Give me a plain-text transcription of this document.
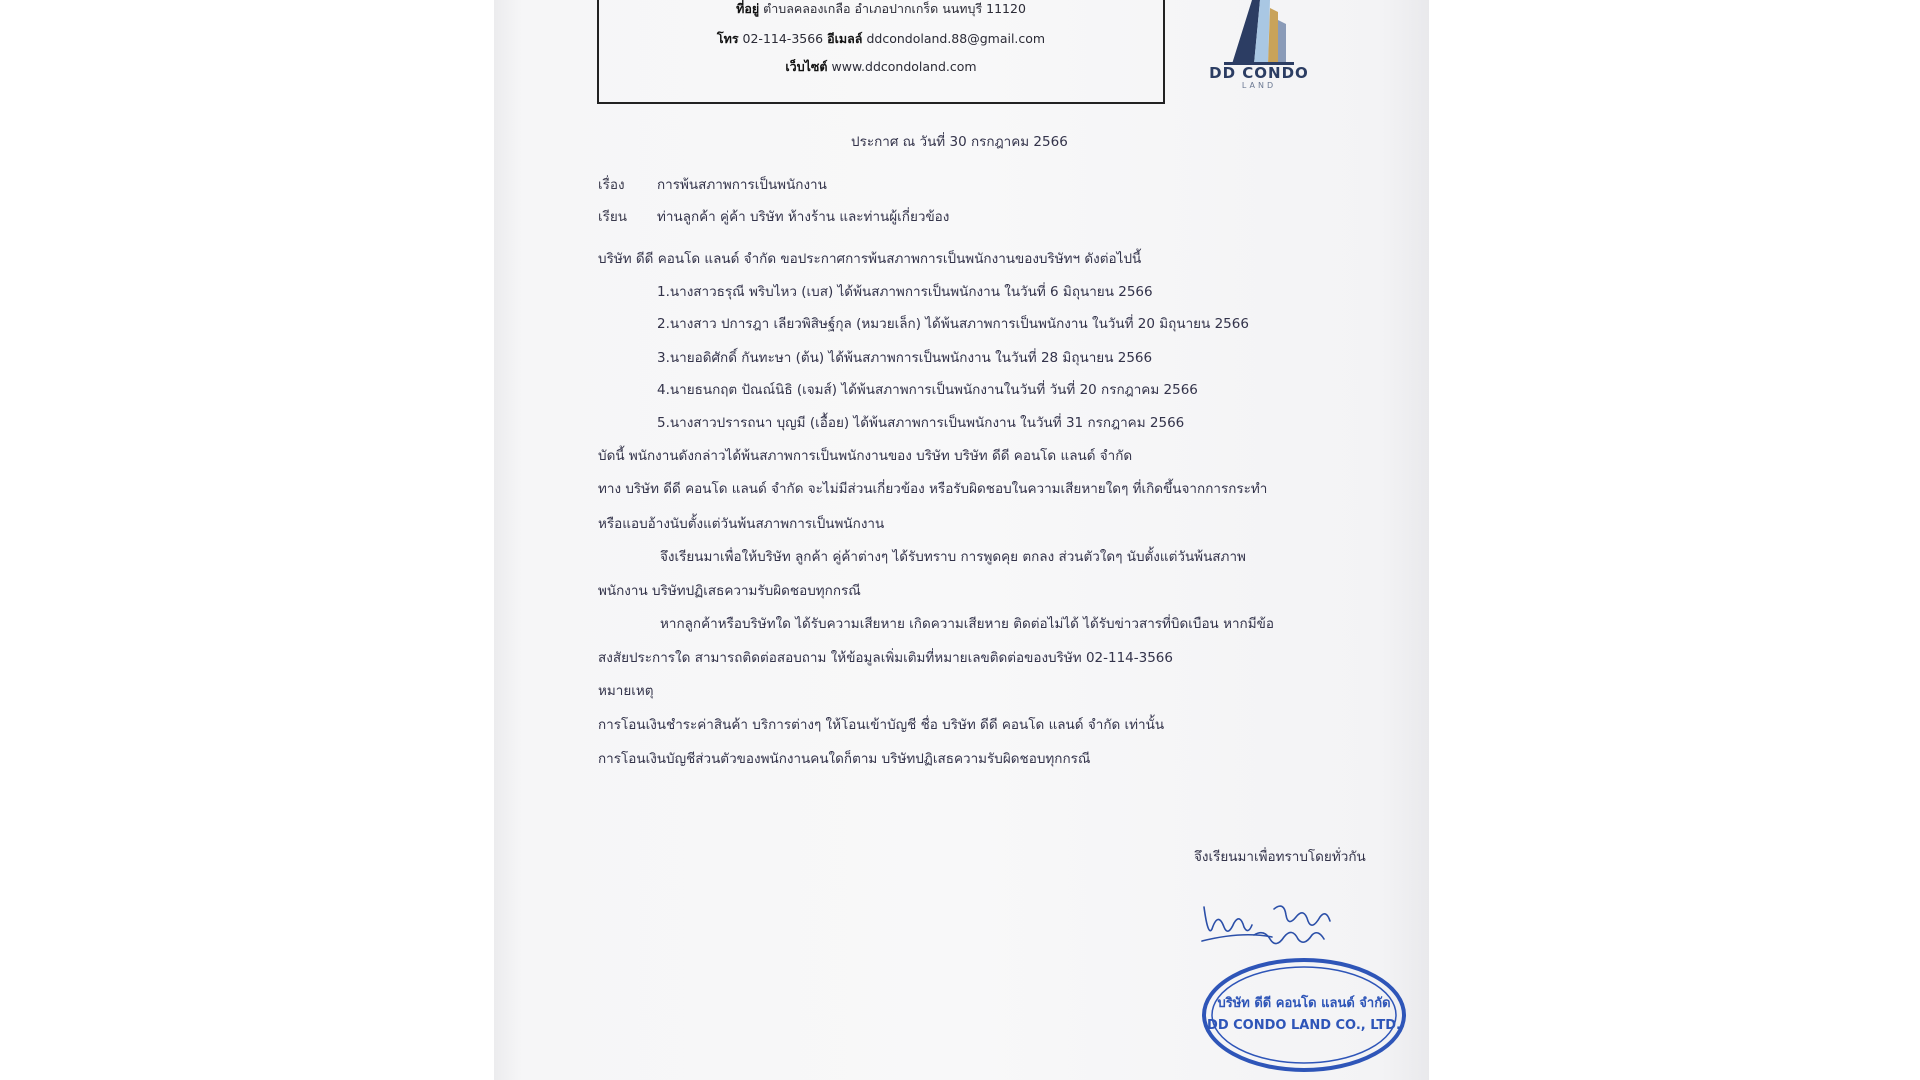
ที่อยู่ ตำบลคลองเกลือ อำเภอปากเกร็ด นนทบุรี 11120
โทร 02-114-3566 อีเมลล์ ddcondoland.88@gmail.com
เว็บไซต์ www.ddcondoland.com	DD CONDO
LAND
ประกาศ ณ วันที่ 30 กรกฎาคม 2566
เรื่อง การพ้นสภาพการเป็นพนักงาน
เรียน ท่านลูกค้า คู่ค้า บริษัท ห้างร้าน และท่านผู้เกี่ยวข้อง
บริษัท ดีดี คอนโด แลนด์ จำกัด ขอประกาศการพ้นสภาพการเป็นพนักงานของบริษัทฯ ดังต่อไปนี้
1.นางสาวธรุณี พริบไหว (เบส) ได้พ้นสภาพการเป็นพนักงาน ในวันที่ 6 มิถุนายน 2566
2.นางสาว ปการฎา เลียวพิสิษฐ์กุล (หมวยเล็ก) ได้พ้นสภาพการเป็นพนักงาน ในวันที่ 20 มิถุนายน 2566
3.นายอดิศักดิ์ กันทะษา (ต้น) ได้พ้นสภาพการเป็นพนักงาน ในวันที่ 28 มิถุนายน 2566
4.นายธนกฤต ปัณณ์นิธิ (เจมส์) ได้พ้นสภาพการเป็นพนักงานในวันที่ วันที่ 20 กรกฎาคม 2566
5.นางสาวปรารถนา บุญมี (เอื้อย) ได้พ้นสภาพการเป็นพนักงาน ในวันที่ 31 กรกฎาคม 2566
บัดนี้ พนักงานดังกล่าวได้พ้นสภาพการเป็นพนักงานของ บริษัท บริษัท ดีดี คอนโด แลนด์ จำกัด
ทาง บริษัท ดีดี คอนโด แลนด์ จำกัด จะไม่มีส่วนเกี่ยวข้อง หรือรับผิดชอบในความเสียหายใดๆ ที่เกิดขึ้นจากการกระทำ
หรือแอบอ้างนับตั้งแต่วันพ้นสภาพการเป็นพนักงาน
จึงเรียนมาเพื่อให้บริษัท ลูกค้า คู่ค้าต่างๆ ได้รับทราบ การพูดคุย ตกลง ส่วนตัวใดๆ นับตั้งแต่วันพ้นสภาพ
พนักงาน บริษัทปฏิเสธความรับผิดชอบทุกกรณี
หากลูกค้าหรือบริษัทใด ได้รับความเสียหาย เกิดความเสียหาย ติดต่อไม่ได้ ได้รับข่าวสารที่บิดเบือน หากมีข้อ
สงสัยประการใด สามารถติดต่อสอบถาม ให้ข้อมูลเพิ่มเติมที่หมายเลขติดต่อของบริษัท 02-114-3566
หมายเหตุ
การโอนเงินชำระค่าสินค้า บริการต่างๆ ให้โอนเข้าบัญชี ชื่อ บริษัท ดีดี คอนโด แลนด์ จำกัด เท่านั้น
การโอนเงินบัญชีส่วนตัวของพนักงานคนใดก็ตาม บริษัทปฏิเสธความรับผิดชอบทุกกรณี
จึงเรียนมาเพื่อทราบโดยทั่วกัน
บริษัท ดีดี คอนโด แลนด์ จำกัด
DD CONDO LAND CO., LTD.
